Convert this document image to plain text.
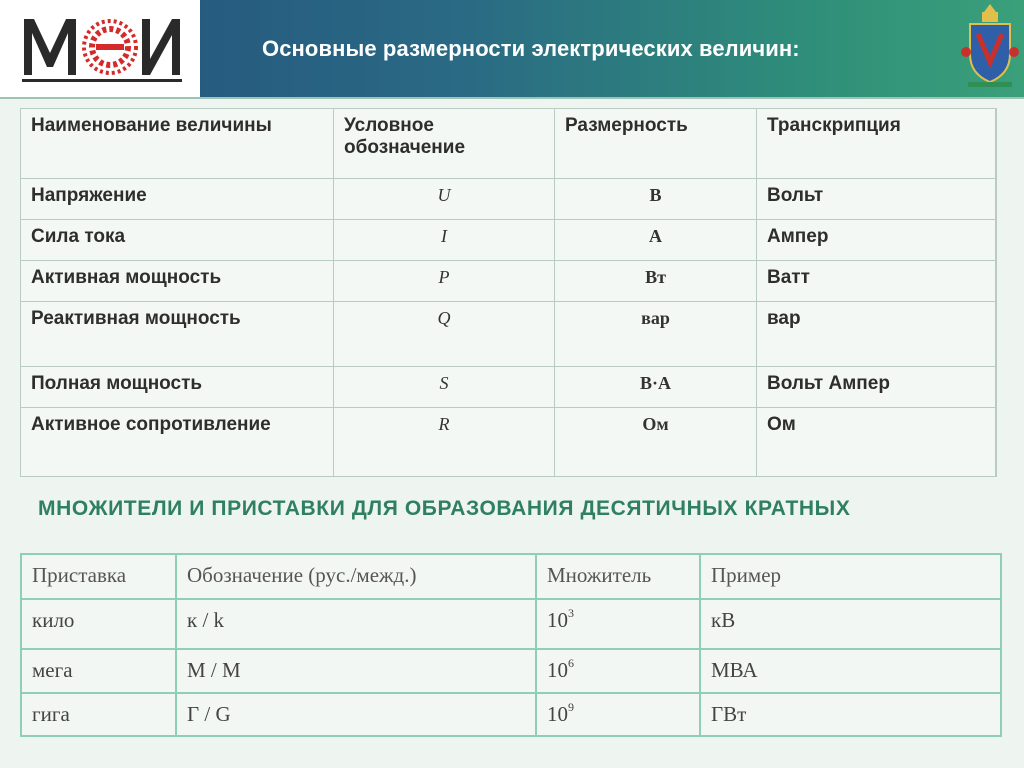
Основные размерности электрических величин:
Наименование величины	Условное обозначение	Размерность	Транскрипция
Напряжение	U	В	Вольт
Сила тока	I	А	Ампер
Активная мощность	P	Вт	Ватт
Реактивная мощность	Q	вар	вар
Полная мощность	S	В·А	Вольт Ампер
Активное сопротивление	R	Ом	Ом
МНОЖИТЕЛИ И ПРИСТАВКИ ДЛЯ ОБРАЗОВАНИЯ ДЕСЯТИЧНЫХ КРАТНЫХ
Приставка	Обозначение (рус./межд.)	Множитель	Пример
кило	к / k	$10^3$	кВ
мега	М / M	$10^6$	МВА
гига	Г / G	$10^9$	ГВт
